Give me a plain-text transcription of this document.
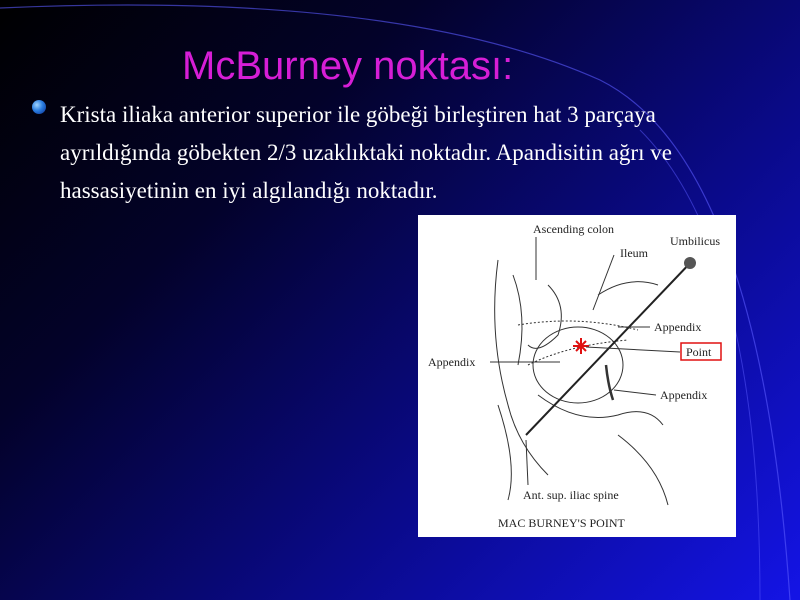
McBurney noktası:
Krista iliaka anterior superior ile göbeği birleştiren hat 3 parçaya ayrıldığında göbekten 2/3 uzaklıktaki noktadır. Apandisitin ağrı ve hassasiyetinin en iyi algılandığı noktadır.
Ascending colon
Ileum
Umbilicus
Appendix
Point
Appendix
Appendix
Ant. sup. iliac spine
MAC BURNEY'S POINT
